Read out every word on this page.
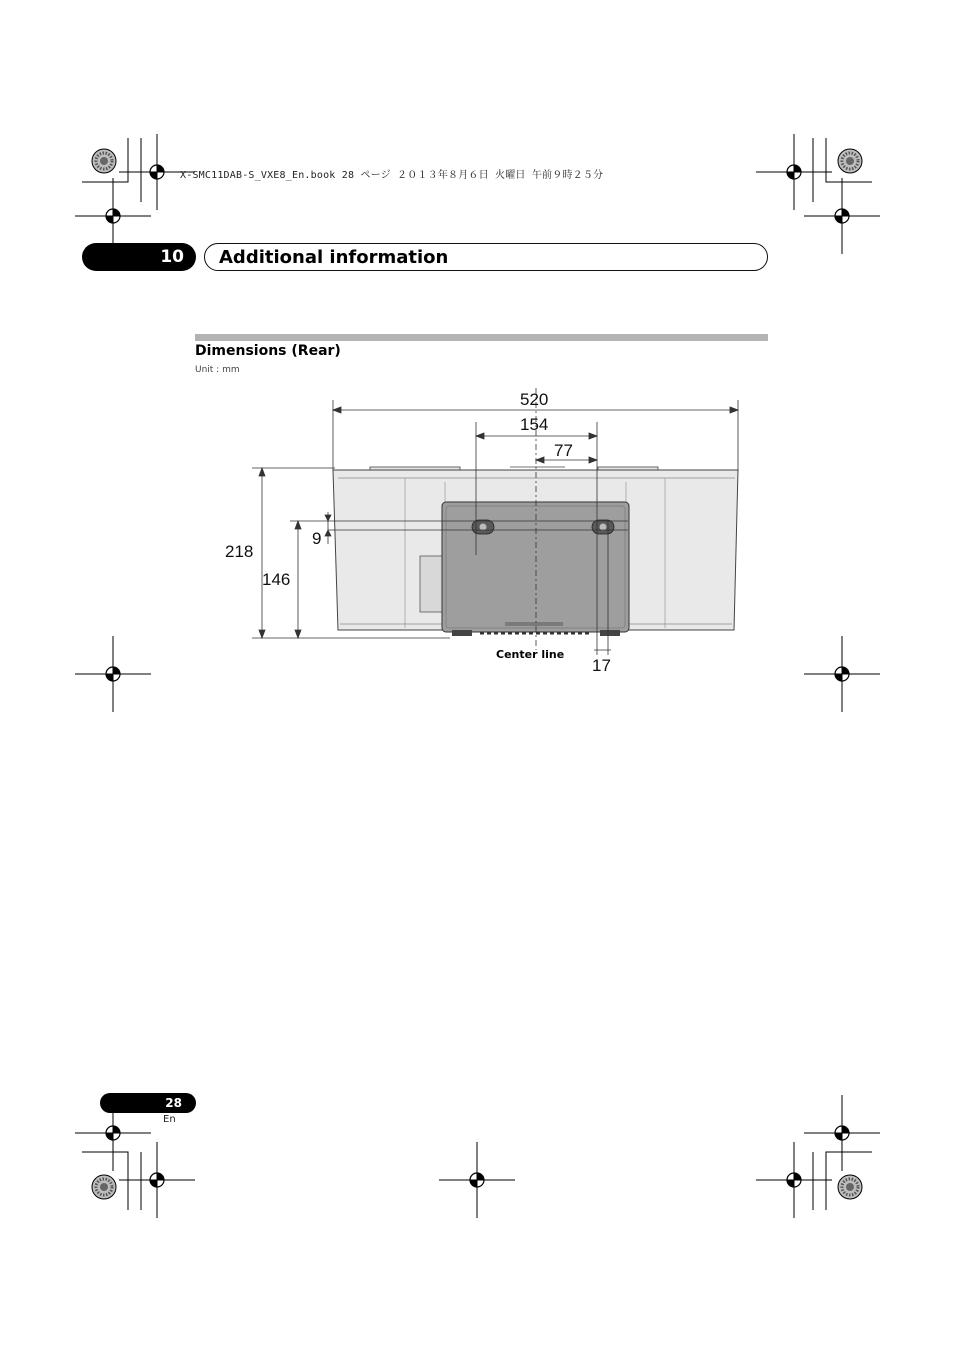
X-SMC11DAB-S_VXE8_En.book 28 ページ ２０１３年８月６日 火曜日 午前９時２５分
10	Additional information
Dimensions (Rear)
Unit : mm
520
154
77
218
146
9
17
Center line
28
En
